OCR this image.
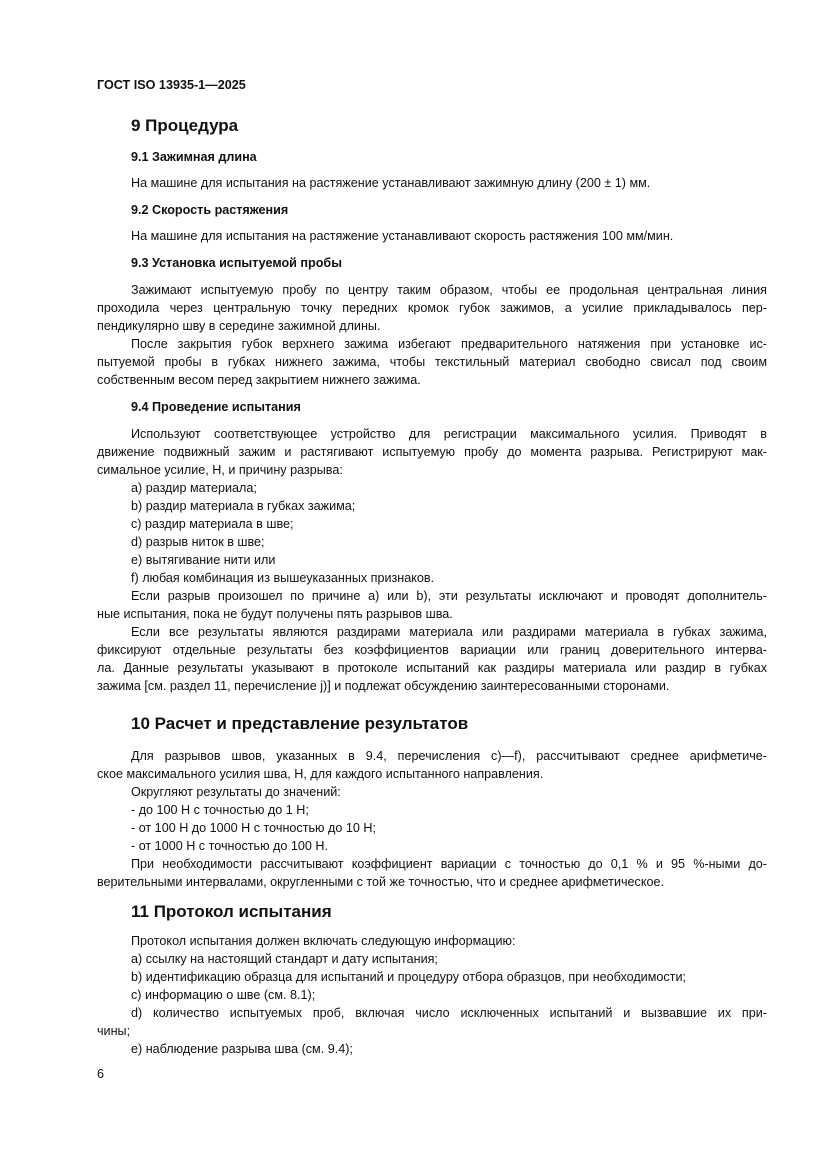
ГОСТ ISO 13935-1—2025
9 Процедура
9.1 Зажимная длина
На машине для испытания на растяжение устанавливают зажимную длину (200 ± 1) мм.
9.2 Скорость растяжения
На машине для испытания на растяжение устанавливают скорость растяжения 100 мм/мин.
9.3 Установка испытуемой пробы
Зажимают испытуемую пробу по центру таким образом, чтобы ее продольная центральная линия
проходила через центральную точку передних кромок губок зажимов, а усилие прикладывалось пер-
пендикулярно шву в середине зажимной длины.
После закрытия губок верхнего зажима избегают предварительного натяжения при установке ис-
пытуемой пробы в губках нижнего зажима, чтобы текстильный материал свободно свисал под своим
собственным весом перед закрытием нижнего зажима.
9.4 Проведение испытания
Используют соответствующее устройство для регистрации максимального усилия. Приводят в
движение подвижный зажим и растягивают испытуемую пробу до момента разрыва. Регистрируют мак-
симальное усилие, Н, и причину разрыва:
a) раздир материала;
b) раздир материала в губках зажима;
c) раздир материала в шве;
d) разрыв ниток в шве;
e) вытягивание нити или
f) любая комбинация из вышеуказанных признаков.
Если разрыв произошел по причине a) или b), эти результаты исключают и проводят дополнитель-
ные испытания, пока не будут получены пять разрывов шва.
Если все результаты являются раздирами материала или раздирами материала в губках зажима,
фиксируют отдельные результаты без коэффициентов вариации или границ доверительного интерва-
ла. Данные результаты указывают в протоколе испытаний как раздиры материала или раздир в губках
зажима [см. раздел 11, перечисление j)] и подлежат обсуждению заинтересованными сторонами.
10 Расчет и представление результатов
Для разрывов швов, указанных в 9.4, перечисления c)—f), рассчитывают среднее арифметиче-
ское максимального усилия шва, Н, для каждого испытанного направления.
Округляют результаты до значений:
- до 100 Н с точностью до 1 Н;
- от 100 Н до 1000 Н с точностью до 10 Н;
- от 1000 Н с точностью до 100 Н.
При необходимости рассчитывают коэффициент вариации с точностью до 0,1 % и 95 %-ными до-
верительными интервалами, округленными с той же точностью, что и среднее арифметическое.
11 Протокол испытания
Протокол испытания должен включать следующую информацию:
a) ссылку на настоящий стандарт и дату испытания;
b) идентификацию образца для испытаний и процедуру отбора образцов, при необходимости;
c) информацию о шве (см. 8.1);
d) количество испытуемых проб, включая число исключенных испытаний и вызвавшие их при-
чины;
e) наблюдение разрыва шва (см. 9.4);
6
